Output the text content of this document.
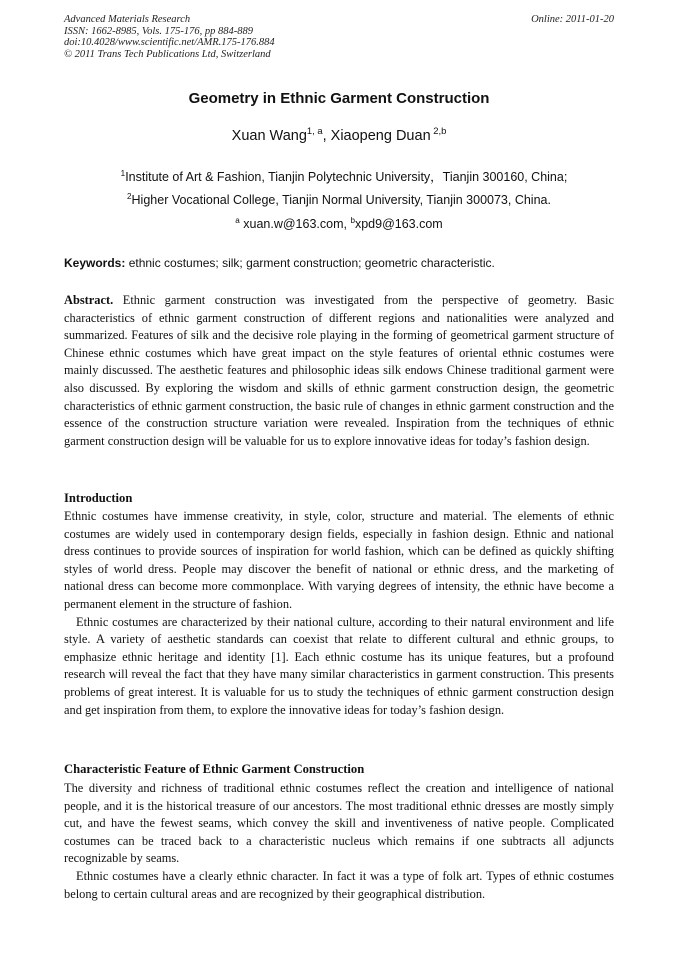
Advanced Materials Research
ISSN: 1662-8985, Vols. 175-176, pp 884-889
doi:10.4028/www.scientific.net/AMR.175-176.884
© 2011 Trans Tech Publications Ltd, Switzerland
Online: 2011-01-20
Geometry in Ethnic Garment Construction
Xuan Wang$^{1, a}$, Xiaopeng Duan $^{2,b}$
$^1$Institute of Art & Fashion, Tianjin Polytechnic University，Tianjin 300160, China;
$^2$Higher Vocational College, Tianjin Normal University, Tianjin 300073, China.
$^a$ xuan.w@163.com, $^b$xpd9@163.com
Keywords: ethnic costumes; silk; garment construction; geometric characteristic.

Abstract. Ethnic garment construction was investigated from the perspective of geometry. Basic characteristics of ethnic garment construction of different regions and nationalities were analyzed and summarized. Features of silk and the decisive role playing in the forming of geometrical garment structure of Chinese ethnic costumes which have great impact on the style features of oriental ethnic costumes were mainly discussed. The aesthetic features and philosophic ideas silk endows Chinese traditional garment were also discussed. By exploring the wisdom and skills of ethnic garment construction design, the geometric characteristics of ethnic garment construction, the basic rule of changes in ethnic garment construction and the essence of the construction structure variation were revealed. Inspiration from the techniques of ethnic garment construction design will be valuable for us to explore innovative ideas for today’s fashion design.

Introduction

Ethnic costumes have immense creativity, in style, color, structure and material. The elements of ethnic costumes are widely used in contemporary design fields, especially in fashion design. Ethnic and national dress continues to provide sources of inspiration for world fashion, which can be defined as quickly shifting styles of world dress. People may discover the benefit of national or ethnic dress, and the marketing of national dress can become more commonplace. With varying degrees of intensity, the ethnic have become a permanent element in the structure of fashion.

Ethnic costumes are characterized by their national culture, according to their natural environment and life style. A variety of aesthetic standards can coexist that relate to different cultural and ethnic groups, to emphasize ethnic heritage and identity [1]. Each ethnic costume has its unique features, but a profound research will reveal the fact that they have many similar characteristics in garment construction. This presents problems of great interest. It is valuable for us to study the techniques of ethnic garment construction design and get inspiration from them, to explore the innovative ideas for today’s fashion design.

Characteristic Feature of Ethnic Garment Construction

The diversity and richness of traditional ethnic costumes reflect the creation and intelligence of national people, and it is the historical treasure of our ancestors. The most traditional ethnic dresses are mostly simply cut, and have the fewest seams, which convey the skill and inventiveness of native people. Complicated costumes can be traced back to a characteristic nucleus which remains if one subtracts all adjuncts recognizable by seams.

Ethnic costumes have a clearly ethnic character. In fact it was a type of folk art. Types of ethnic costumes belong to certain cultural areas and are recognized by their geographical distribution.
